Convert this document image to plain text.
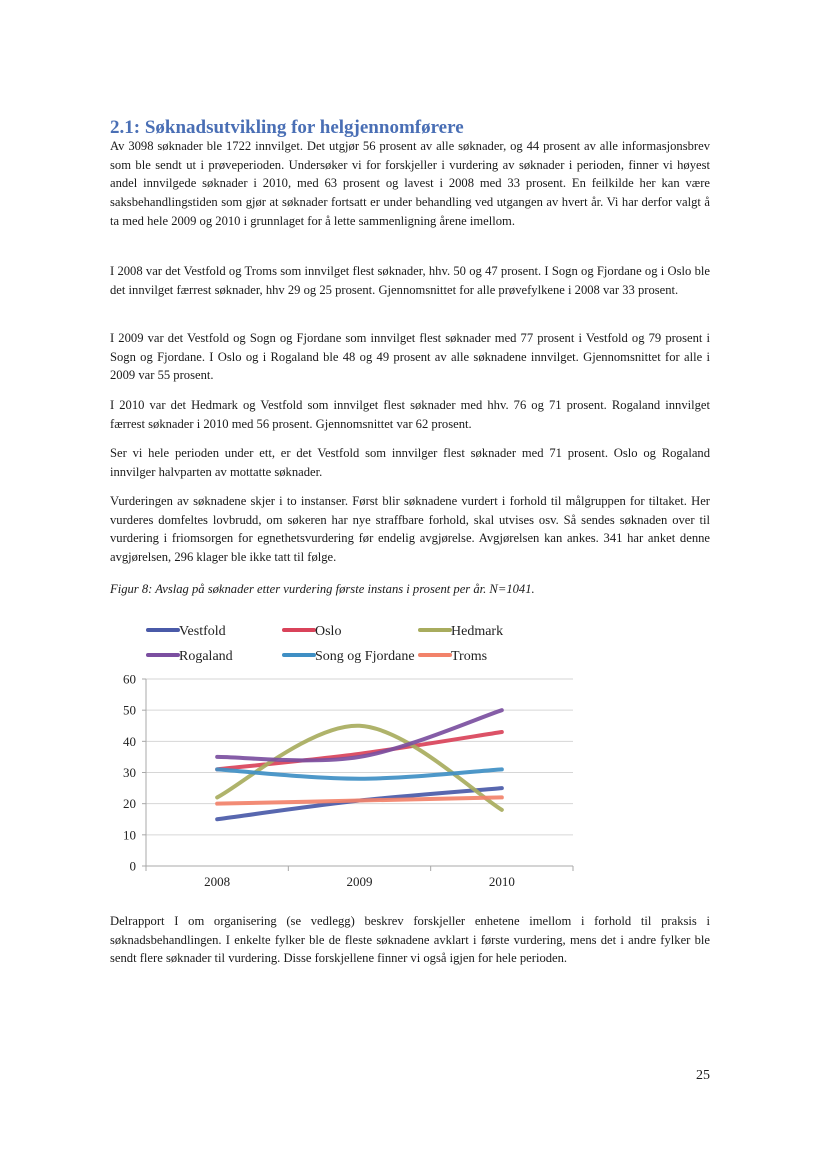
2.1: Søknadsutvikling for helgjennomførere

Av 3098 søknader ble 1722 innvilget. Det utgjør 56 prosent av alle søknader, og 44 prosent av alle informasjonsbrev som ble sendt ut i prøveperioden. Undersøker vi for forskjeller i vurdering av søknader i perioden, finner vi høyest andel innvilgede søknader i 2010, med 63 prosent og lavest i 2008 med 33 prosent. En feilkilde her kan være saksbehandlingstiden som gjør at søknader fortsatt er under behandling ved utgangen av hvert år. Vi har derfor valgt å ta med hele 2009 og 2010 i grunnlaget for å lette sammenligning årene imellom.

I 2008 var det Vestfold og Troms som innvilget flest søknader, hhv. 50 og 47 prosent. I Sogn og Fjordane og i Oslo ble det innvilget færrest søknader, hhv 29 og 25 prosent. Gjennomsnittet for alle prøvefylkene i 2008 var 33 prosent.

I 2009 var det Vestfold og Sogn og Fjordane som innvilget flest søknader med 77 prosent i Vestfold og 79 prosent i Sogn og Fjordane. I Oslo og i Rogaland ble 48 og 49 prosent av alle søknadene innvilget. Gjennomsnittet for alle i 2009 var 55 prosent.

I 2010 var det Hedmark og Vestfold som innvilget flest søknader med hhv. 76 og 71 prosent. Rogaland innvilget færrest søknader i 2010 med 56 prosent. Gjennomsnittet var 62 prosent.

Ser vi hele perioden under ett, er det Vestfold som innvilger flest søknader med 71 prosent. Oslo og Rogaland innvilger halvparten av mottatte søknader.

Vurderingen av søknadene skjer i to instanser. Først blir søknadene vurdert i forhold til målgruppen for tiltaket. Her vurderes domfeltes lovbrudd, om søkeren har nye straffbare forhold, skal utvises osv. Så sendes søknaden over til vurdering i friomsorgen for egnethetsvurdering før endelig avgjørelse. Avgjørelsen kan ankes. 341 har anket denne avgjørelsen, 296 klager ble ikke tatt til følge.

Figur 8: Avslag på søknader etter vurdering første instans i prosent per år. N=1041.

0
10
20
30
40
50
60
2008	2009	2010
Vestfold	Oslo	Hedmark
Rogaland	Song og Fjordane	Troms

Delrapport I om organisering (se vedlegg) beskrev forskjeller enhetene imellom i forhold til praksis i søknadsbehandlingen. I enkelte fylker ble de fleste søknadene avklart i første vurdering, mens det i andre fylker ble sendt flere søknader til vurdering. Disse forskjellene finner vi også igjen for hele perioden.

25
